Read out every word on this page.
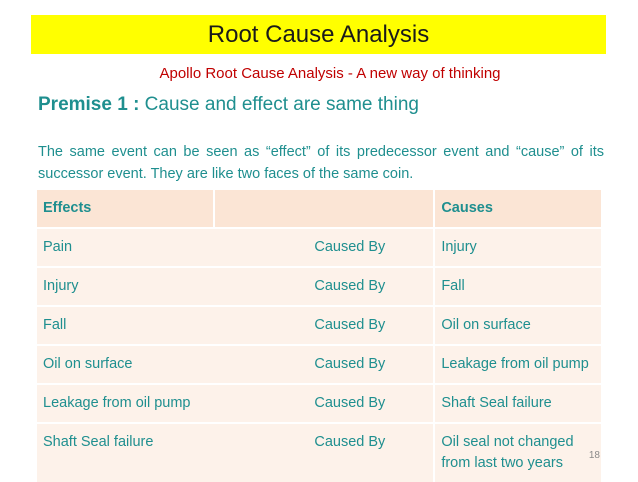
Root Cause Analysis
Apollo Root Cause Analysis - A new way of thinking
Premise 1 : Cause and effect are same thing
The same event can be seen as “effect” of its predecessor event and “cause” of its successor event. They are like two faces of the same coin.
Effects		Causes
Pain	Caused By	Injury
Injury	Caused By	Fall
Fall	Caused By	Oil on surface
Oil on surface	Caused By	Leakage from oil pump
Leakage from oil pump	Caused By	Shaft Seal failure
Shaft Seal failure	Caused By	Oil seal not changed from last two years	18
